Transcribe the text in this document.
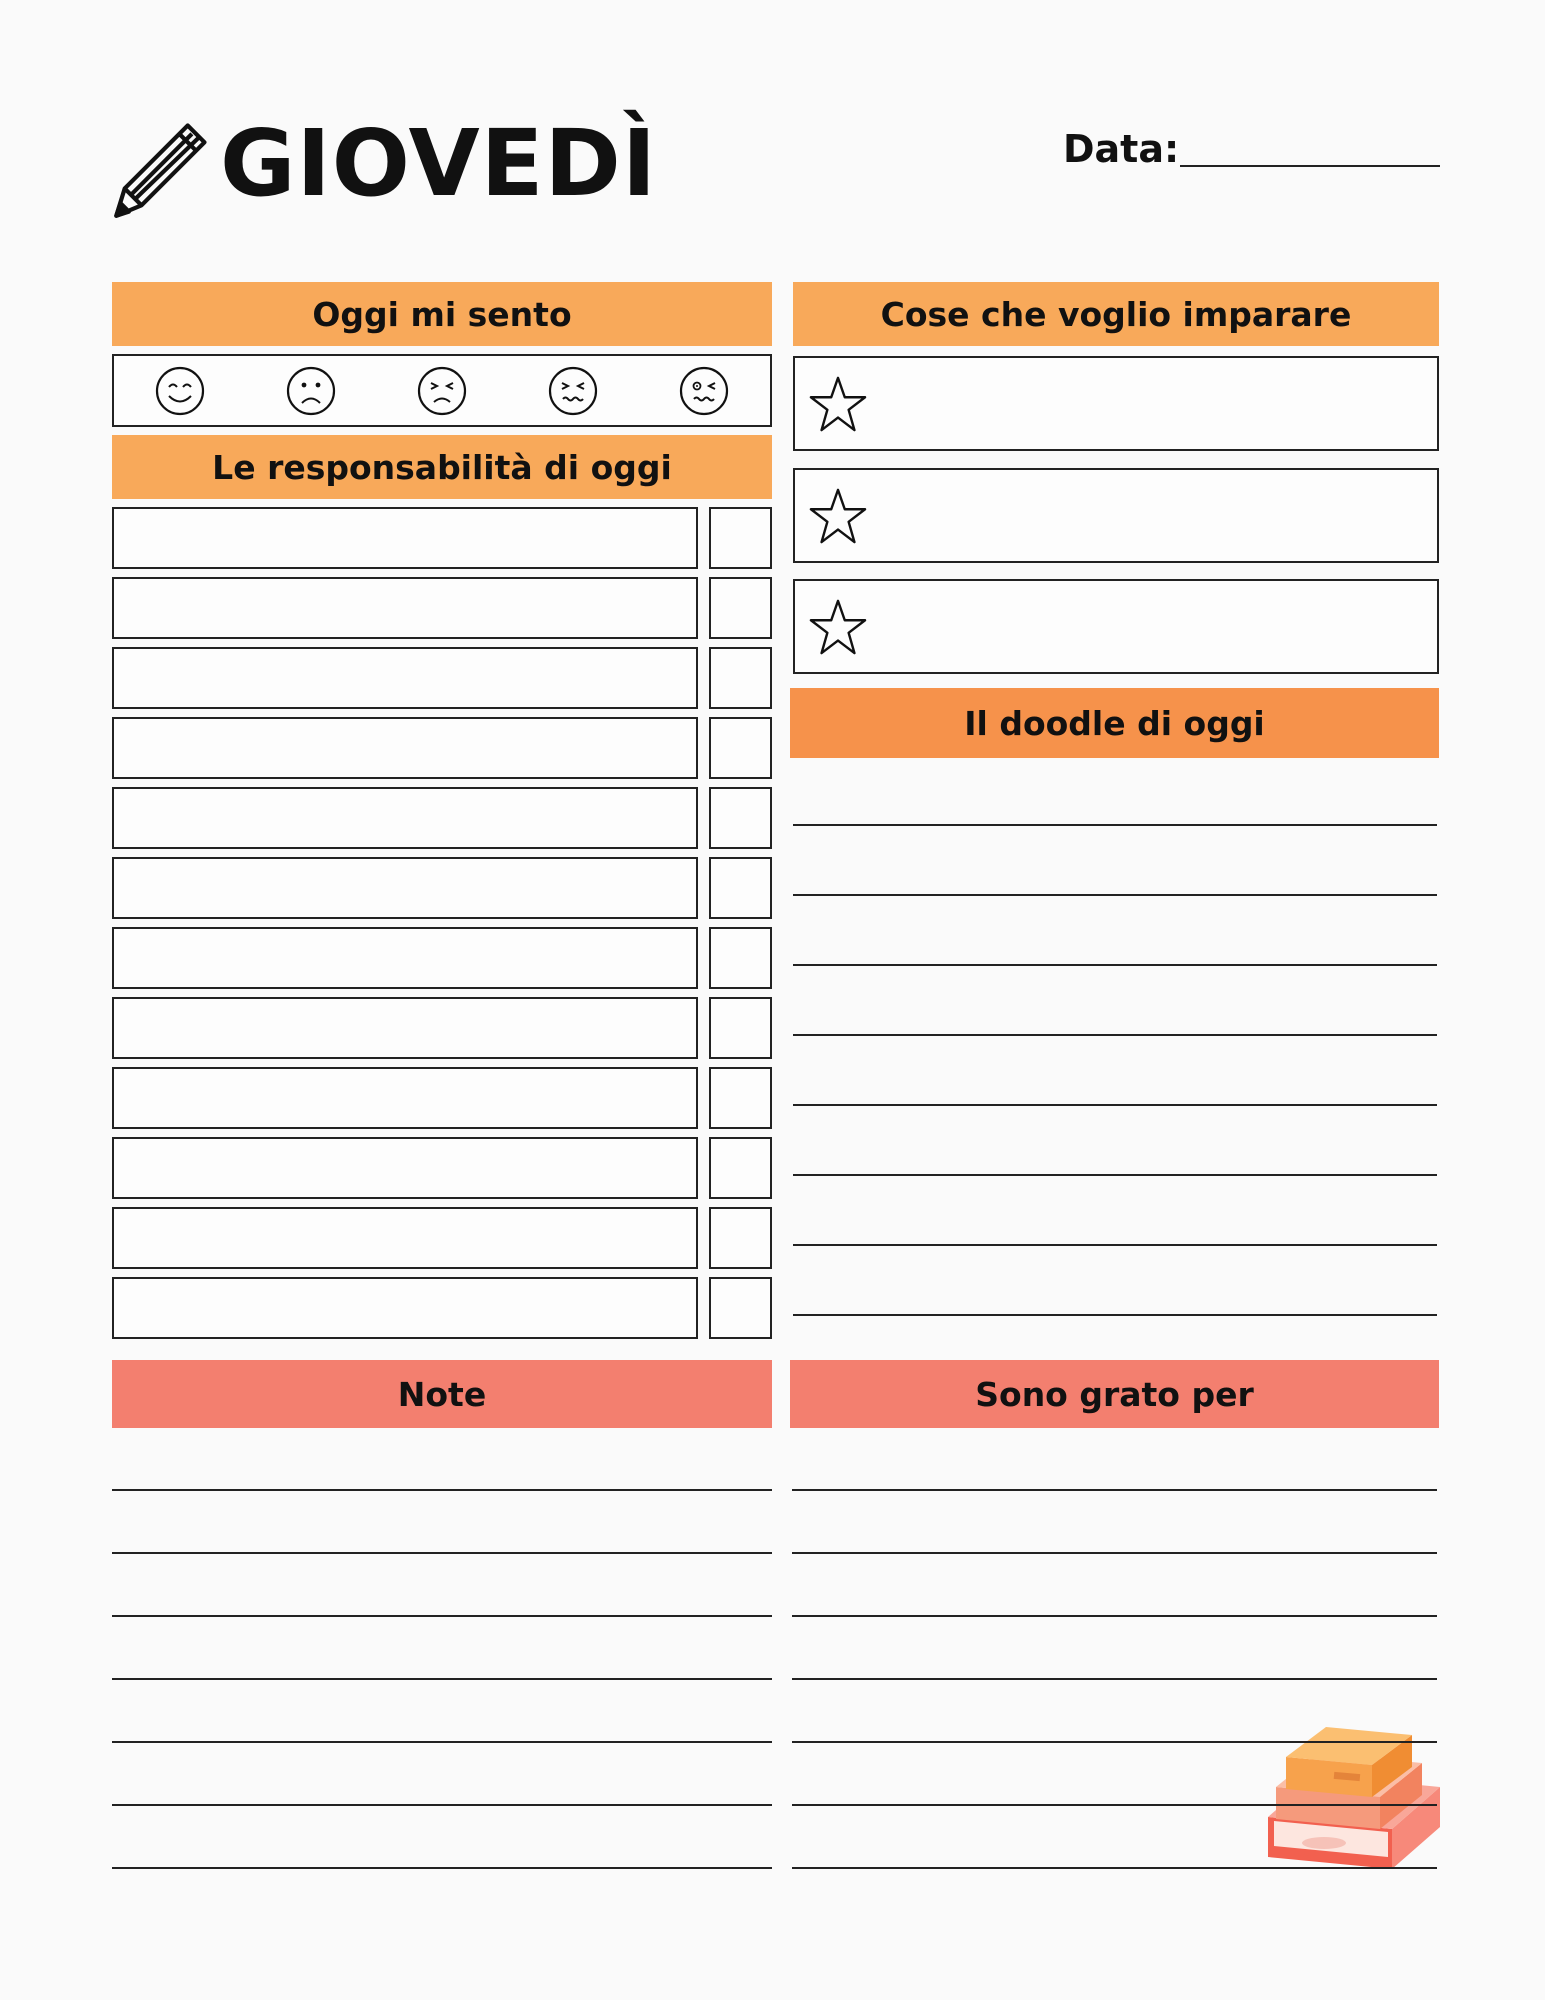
GIOVEDÌ	Data:
Oggi mi sento
Le responsabilità di oggi
Cose che voglio imparare
Il doodle di oggi
Note	Sono grato per
